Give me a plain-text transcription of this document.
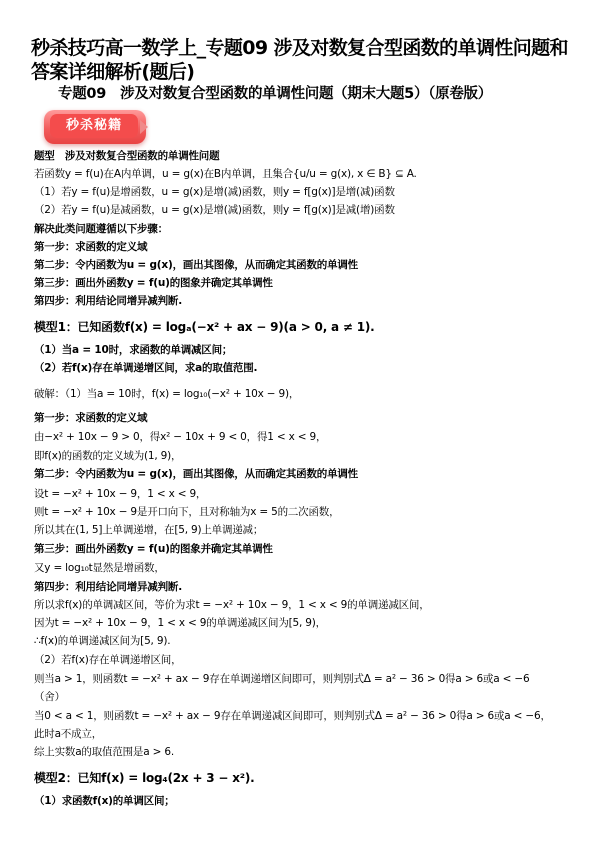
秒杀技巧高一数学上_专题09 涉及对数复合型函数的单调性问题和答案详细解析(题后)
专题09　涉及对数复合型函数的单调性问题（期末大题5）（原卷版）
秒杀秘籍
题型　涉及对数复合型函数的单调性问题
若函数y = f(u)在A内单调，u = g(x)在B内单调，且集合{u/u = g(x), x ∈ B} ⊆ A.
（1）若y = f(u)是增函数，u = g(x)是增(减)函数，则y = f[g(x)]是增(减)函数
（2）若y = f(u)是减函数，u = g(x)是增(减)函数，则y = f[g(x)]是减(增)函数
解决此类问题遵循以下步骤：
第一步：求函数的定义域
第二步：令内函数为u = g(x)，画出其图像，从而确定其函数的单调性
第三步：画出外函数y = f(u)的图象并确定其单调性
第四步：利用结论同增异减判断.
模型1：已知函数f(x) = logₐ(−x² + ax − 9)(a > 0, a ≠ 1).
（1）当a = 10时，求函数的单调减区间；
（2）若f(x)存在单调递增区间，求a的取值范围.
破解：（1）当a = 10时，f(x) = log₁₀(−x² + 10x − 9)，
第一步：求函数的定义域
由−x² + 10x − 9 > 0，得x² − 10x + 9 < 0，得1 < x < 9，
即f(x)的函数的定义域为(1, 9)，
第二步：令内函数为u = g(x)，画出其图像，从而确定其函数的单调性
设t = −x² + 10x − 9，1 < x < 9，
则t = −x² + 10x − 9是开口向下，且对称轴为x = 5的二次函数，
所以其在(1, 5]上单调递增，在[5, 9)上单调递减；
第三步：画出外函数y = f(u)的图象并确定其单调性
又y = log₁₀t显然是增函数，
第四步：利用结论同增异减判断.
所以求f(x)的单调减区间，等价为求t = −x² + 10x − 9，1 < x < 9的单调递减区间，
因为t = −x² + 10x − 9，1 < x < 9的单调递减区间为[5, 9)，
∴f(x)的单调递减区间为[5, 9).
（2）若f(x)存在单调递增区间，
则当a > 1，则函数t = −x² + ax − 9存在单调递增区间即可，则判别式Δ = a² − 36 > 0得a > 6或a < −6
（舍）
当0 < a < 1，则函数t = −x² + ax − 9存在单调递减区间即可，则判别式Δ = a² − 36 > 0得a > 6或a < −6，
此时a不成立，
综上实数a的取值范围是a > 6.
模型2：已知f(x) = log₄(2x + 3 − x²).
（1）求函数f(x)的单调区间；
